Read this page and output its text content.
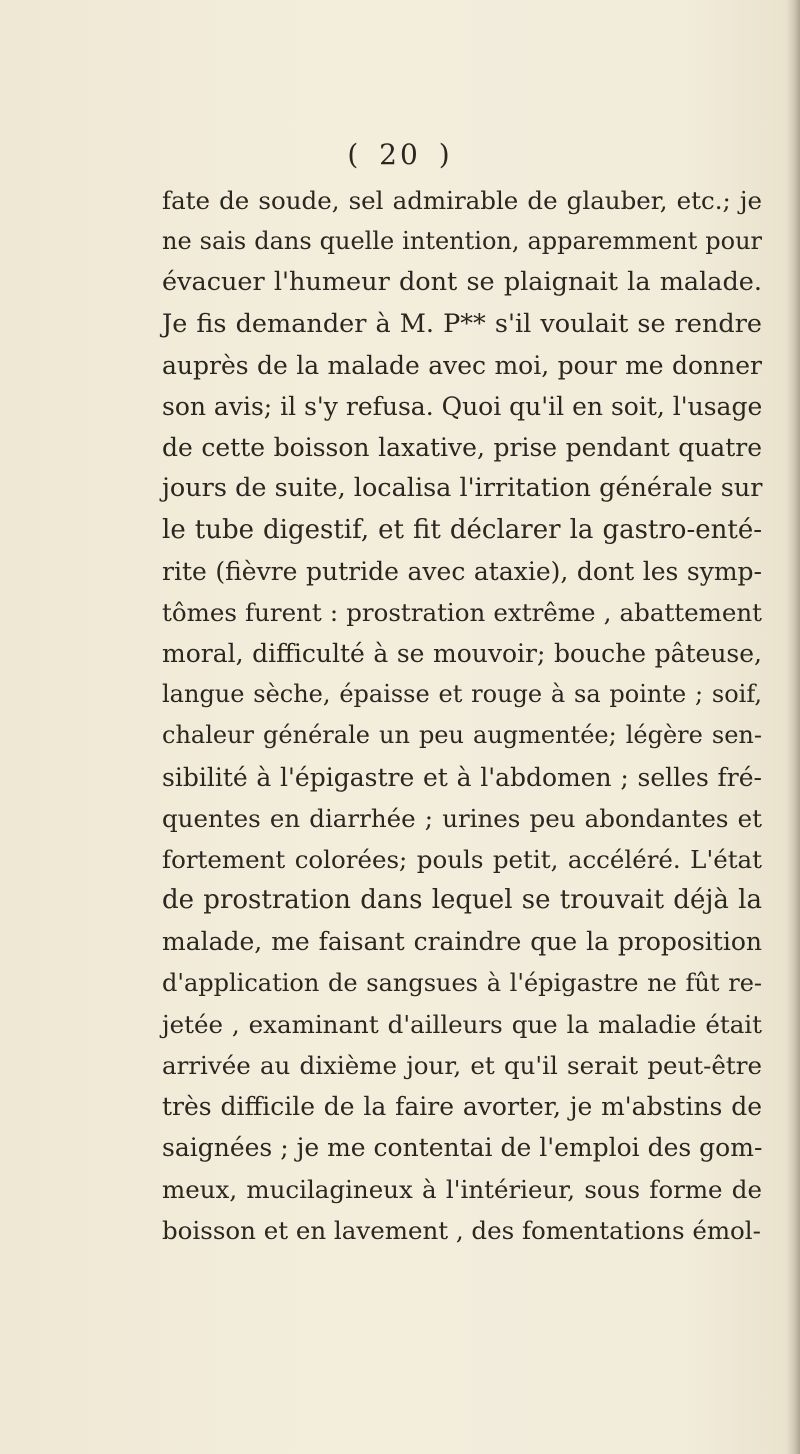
( 20 )
fate de soude, sel admirable de glauber, etc.; je
ne sais dans quelle intention, apparemment pour
évacuer l'humeur dont se plaignait la malade.
Je fis demander à M. P** s'il voulait se rendre
auprès de la malade avec moi, pour me donner
son avis; il s'y refusa. Quoi qu'il en soit, l'usage
de cette boisson laxative, prise pendant quatre
jours de suite, localisa l'irritation générale sur
le tube digestif, et fit déclarer la gastro-enté-
rite (fièvre putride avec ataxie), dont les symp-
tômes furent : prostration extrême , abattement
moral, difficulté à se mouvoir; bouche pâteuse,
langue sèche, épaisse et rouge à sa pointe ; soif,
chaleur générale un peu augmentée; légère sen-
sibilité à l'épigastre et à l'abdomen ; selles fré-
quentes en diarrhée ; urines peu abondantes et
fortement colorées; pouls petit, accéléré. L'état
de prostration dans lequel se trouvait déjà la
malade, me faisant craindre que la proposition
d'application de sangsues à l'épigastre ne fût re-
jetée , examinant d'ailleurs que la maladie était
arrivée au dixième jour, et qu'il serait peut-être
très difficile de la faire avorter, je m'abstins de
saignées ; je me contentai de l'emploi des gom-
meux, mucilagineux à l'intérieur, sous forme de
boisson et en lavement , des fomentations émol-
